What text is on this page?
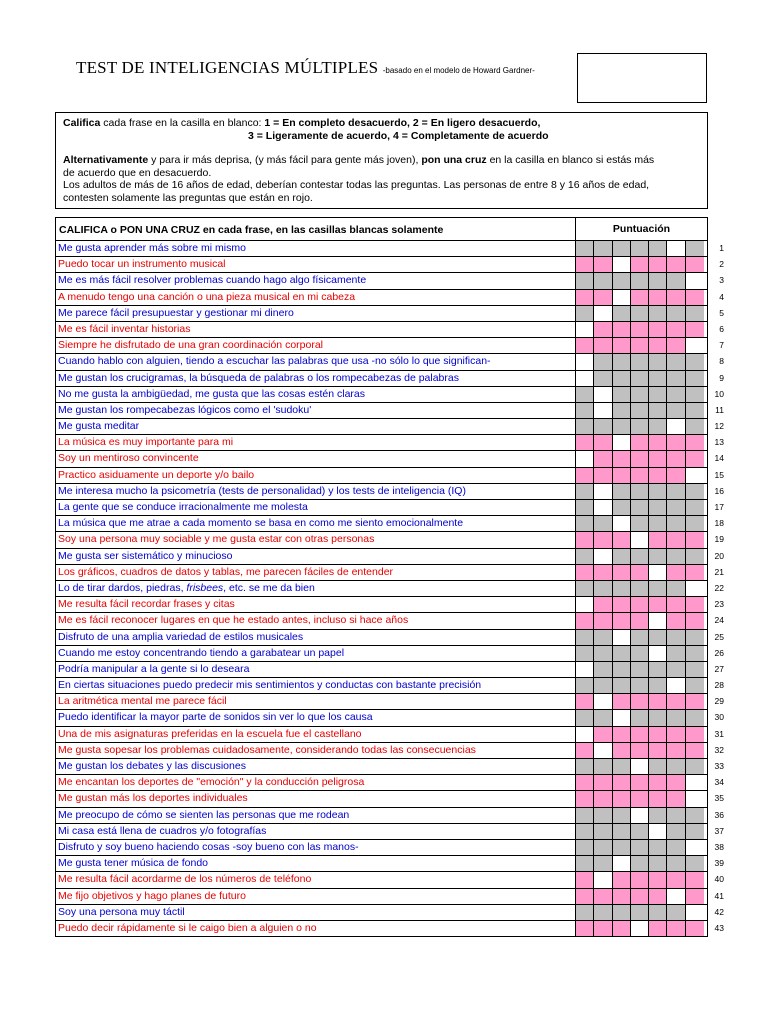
TEST DE INTELIGENCIAS MÚLTIPLES -basado en el modelo de Howard Gardner-

Califica cada frase en la casilla en blanco: 1 = En completo desacuerdo, 2 = En ligero desacuerdo,

3 = Ligeramente de acuerdo, 4 = Completamente de acuerdo

Alternativamente y para ir más deprisa, (y más fácil para gente más joven), pon una cruz en la casilla en blanco si estás más

de acuerdo que en desacuerdo.

Los adultos de más de 16 años de edad, deberían contestar todas las preguntas. Las personas de entre 8 y 16 años de edad,

contesten solamente las preguntas que están en rojo.

CALIFICA o PON UNA CRUZ en cada frase, en las casillas blancas solamente	Puntuación
Me gusta aprender más sobre mi mismo
Puedo tocar un instrumento musical
Me es más fácil resolver problemas cuando hago algo físicamente
A menudo tengo una canción o una pieza musical en mi cabeza
Me parece fácil presupuestar y gestionar mi dinero
Me es fácil inventar historias
Siempre he disfrutado de una gran coordinación corporal
Cuando hablo con alguien, tiendo a escuchar las palabras que usa -no sólo lo que significan-
Me gustan los crucigramas, la búsqueda de palabras o los rompecabezas de palabras
No me gusta la ambigüedad, me gusta que las cosas estén claras
Me gustan los rompecabezas lógicos como el 'sudoku'
Me gusta meditar
La música es muy importante para mi
Soy un mentiroso convincente
Practico asiduamente un deporte y/o bailo
Me interesa mucho la psicometría (tests de personalidad) y los tests de inteligencia (IQ)
La gente que se conduce irracionalmente me molesta
La música que me atrae a cada momento se basa en como me siento emocionalmente
Soy una persona muy sociable y me gusta estar con otras personas
Me gusta ser sistemático y minucioso
Los gráficos, cuadros de datos y tablas, me parecen fáciles de entender
Lo de tirar dardos, piedras, frisbees, etc. se me da bien
Me resulta fácil recordar frases y citas
Me es fácil reconocer lugares en que he estado antes, incluso si hace años
Disfruto de una amplia variedad de estilos musicales
Cuando me estoy concentrando tiendo a garabatear un papel
Podría manipular a la gente si lo deseara
En ciertas situaciones puedo predecir mis sentimientos y conductas con bastante precisión
La aritmética mental me parece fácil
Puedo identificar la mayor parte de sonidos sin ver lo que los causa
Una de mis asignaturas preferidas en la escuela fue el castellano
Me gusta sopesar los problemas cuidadosamente, considerando todas las consecuencias
Me gustan los debates y las discusiones
Me encantan los deportes de "emoción" y la conducción peligrosa
Me gustan más los deportes individuales
Me preocupo de cómo se sienten las personas que me rodean
Mi casa está llena de cuadros y/o fotografías
Disfruto y soy bueno haciendo cosas -soy bueno con las manos-
Me gusta tener música de fondo
Me resulta fácil acordarme de los números de teléfono
Me fijo objetivos y hago planes de futuro
Soy una persona muy táctil
Puedo decir rápidamente si le caigo bien a alguien o no
1
2
3
4
5
6
7
8
9
10
11
12
13
14
15
16
17
18
19
20
21
22
23
24
25
26
27
28
29
30
31
32
33
34
35
36
37
38
39
40
41
42
43
